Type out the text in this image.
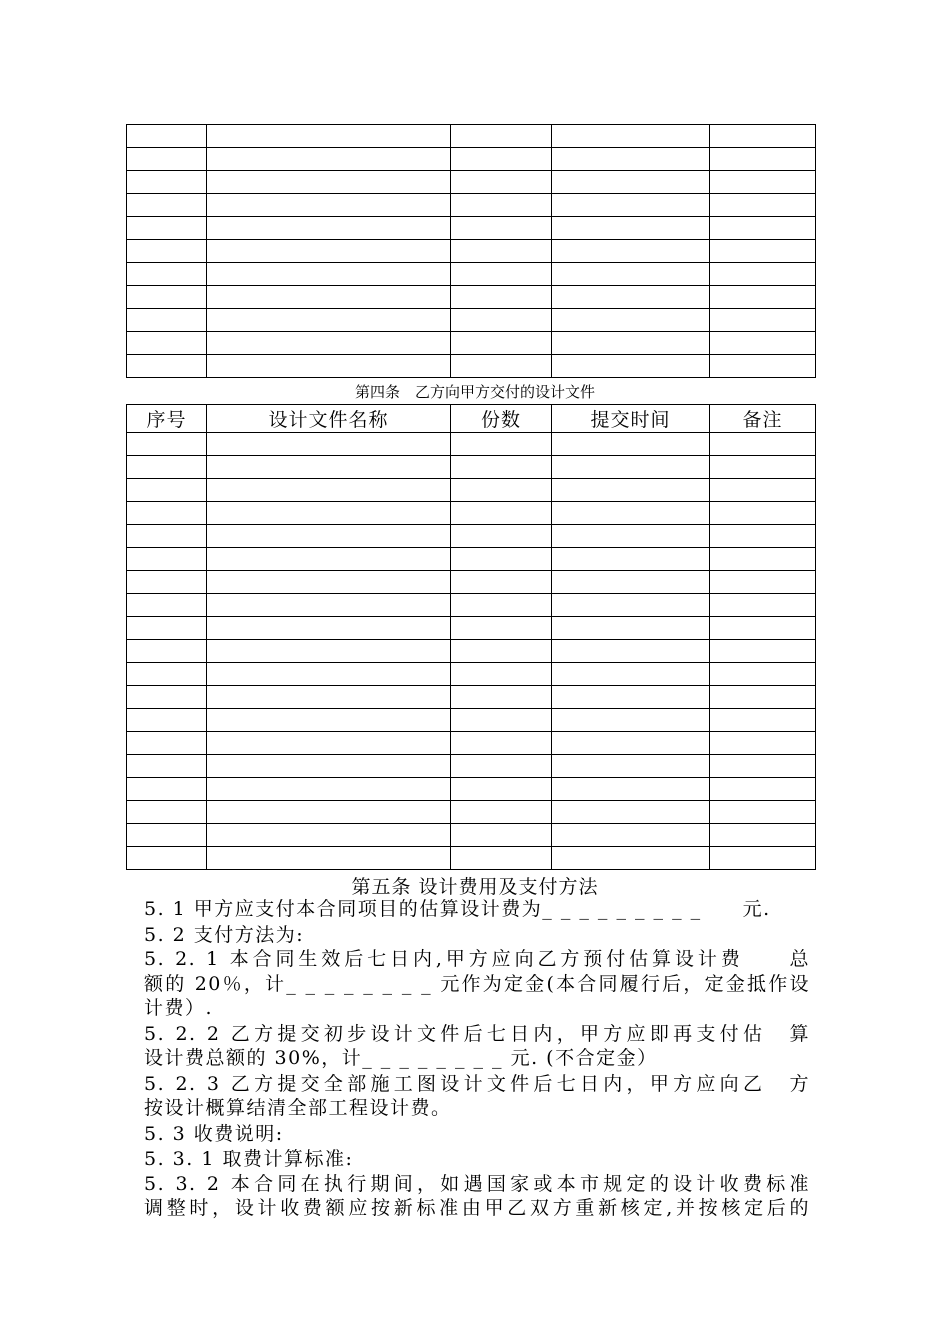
第四条　乙方向甲方交付的设计文件
序号	设计文件名称	份数	提交时间	备注

第五条 设计费用及支付方法
5. 1 甲方应支付本合同项目的估算设计费为_ _ _ _ _ _ _ _ _　　元.
5. 2 支付方法为:
5. 2. 1 本合同生效后七日内,甲方应向乙方预付估算设计费　　总
额的 20％，计_ _ _ _ _ _ _ _ 元作为定金(本合同履行后，定金抵作设
计费）.
5. 2. 2 乙方提交初步设计文件后七日内，甲方应即再支付估　算
设计费总额的 30%，计_ _ _ _ _ _ _ _ 元. (不合定金）
5. 2. 3 乙方提交全部施工图设计文件后七日内，甲方应向乙　方
按设计概算结清全部工程设计费。
5. 3 收费说明:
5. 3. 1 取费计算标准:
5. 3. 2 本合同在执行期间，如遇国家或本市规定的设计收费标准
调整时，设计收费额应按新标准由甲乙双方重新核定,并按核定后的
